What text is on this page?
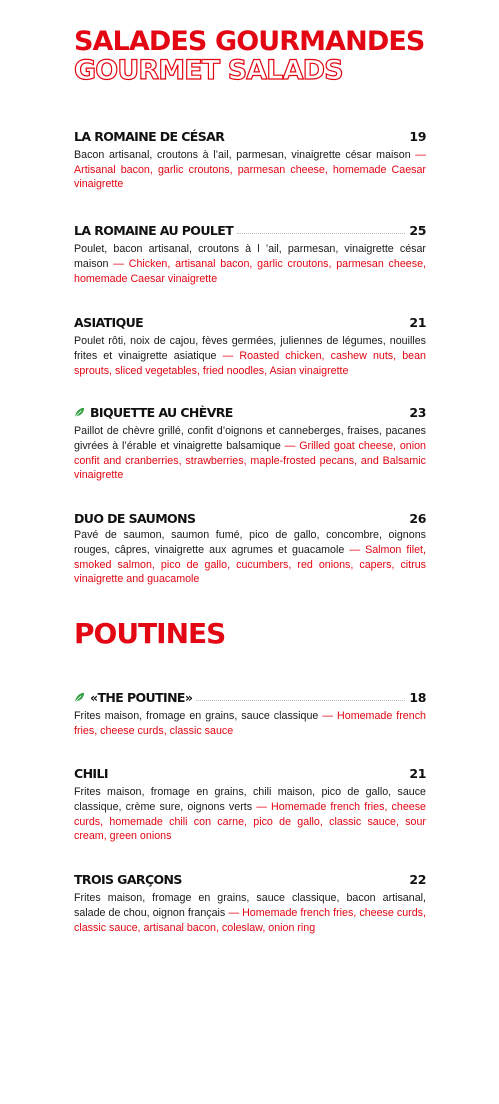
SALADES GOURMANDES
GOURMET SALADS
LA ROMAINE DE CÉSAR	19

Bacon artisanal, croutons à l’ail, parmesan, vinaigrette césar maison — Artisanal bacon, garlic croutons, parmesan cheese, homemade Caesar vinaigrette

LA ROMAINE AU POULET	25

Poulet, bacon artisanal, croutons à l ’ail, parmesan, vinaigrette césar maison — Chicken, artisanal bacon, garlic croutons, parmesan cheese, homemade Caesar vinaigrette

ASIATIQUE	21

Poulet rôti, noix de cajou, fèves germées, juliennes de légumes, nouilles frites et vinaigrette asiatique — Roasted chicken, cashew nuts, bean sprouts, sliced vegetables, fried noodles, Asian vinaigrette

BIQUETTE AU CHÈVRE	23

Paillot de chèvre grillé, confit d’oignons et canneberges, fraises, pacanes givrées à l’érable et vinaigrette balsamique — Grilled goat cheese, onion confit and cranberries, strawberries, maple-frosted pecans, and Balsamic vinaigrette

DUO DE SAUMONS	26

Pavé de saumon, saumon fumé, pico de gallo, concombre, oignons rouges, câpres, vinaigrette aux agrumes et guacamole — Salmon filet, smoked salmon, pico de gallo, cucumbers, red onions, capers, citrus vinaigrette and guacamole

POUTINES
«THE POUTINE»	18

Frites maison, fromage en grains, sauce classique — Homemade french fries, cheese curds, classic sauce

CHILI	21

Frites maison, fromage en grains, chili maison, pico de gallo, sauce classique, crème sure, oignons verts — Homemade french fries, cheese curds, homemade chili con carne, pico de gallo, classic sauce, sour cream, green onions

TROIS GARÇONS	22

Frites maison, fromage en grains, sauce classique, bacon artisanal, salade de chou, oignon français — Homemade french fries, cheese curds, classic sauce, artisanal bacon, coleslaw, onion ring
